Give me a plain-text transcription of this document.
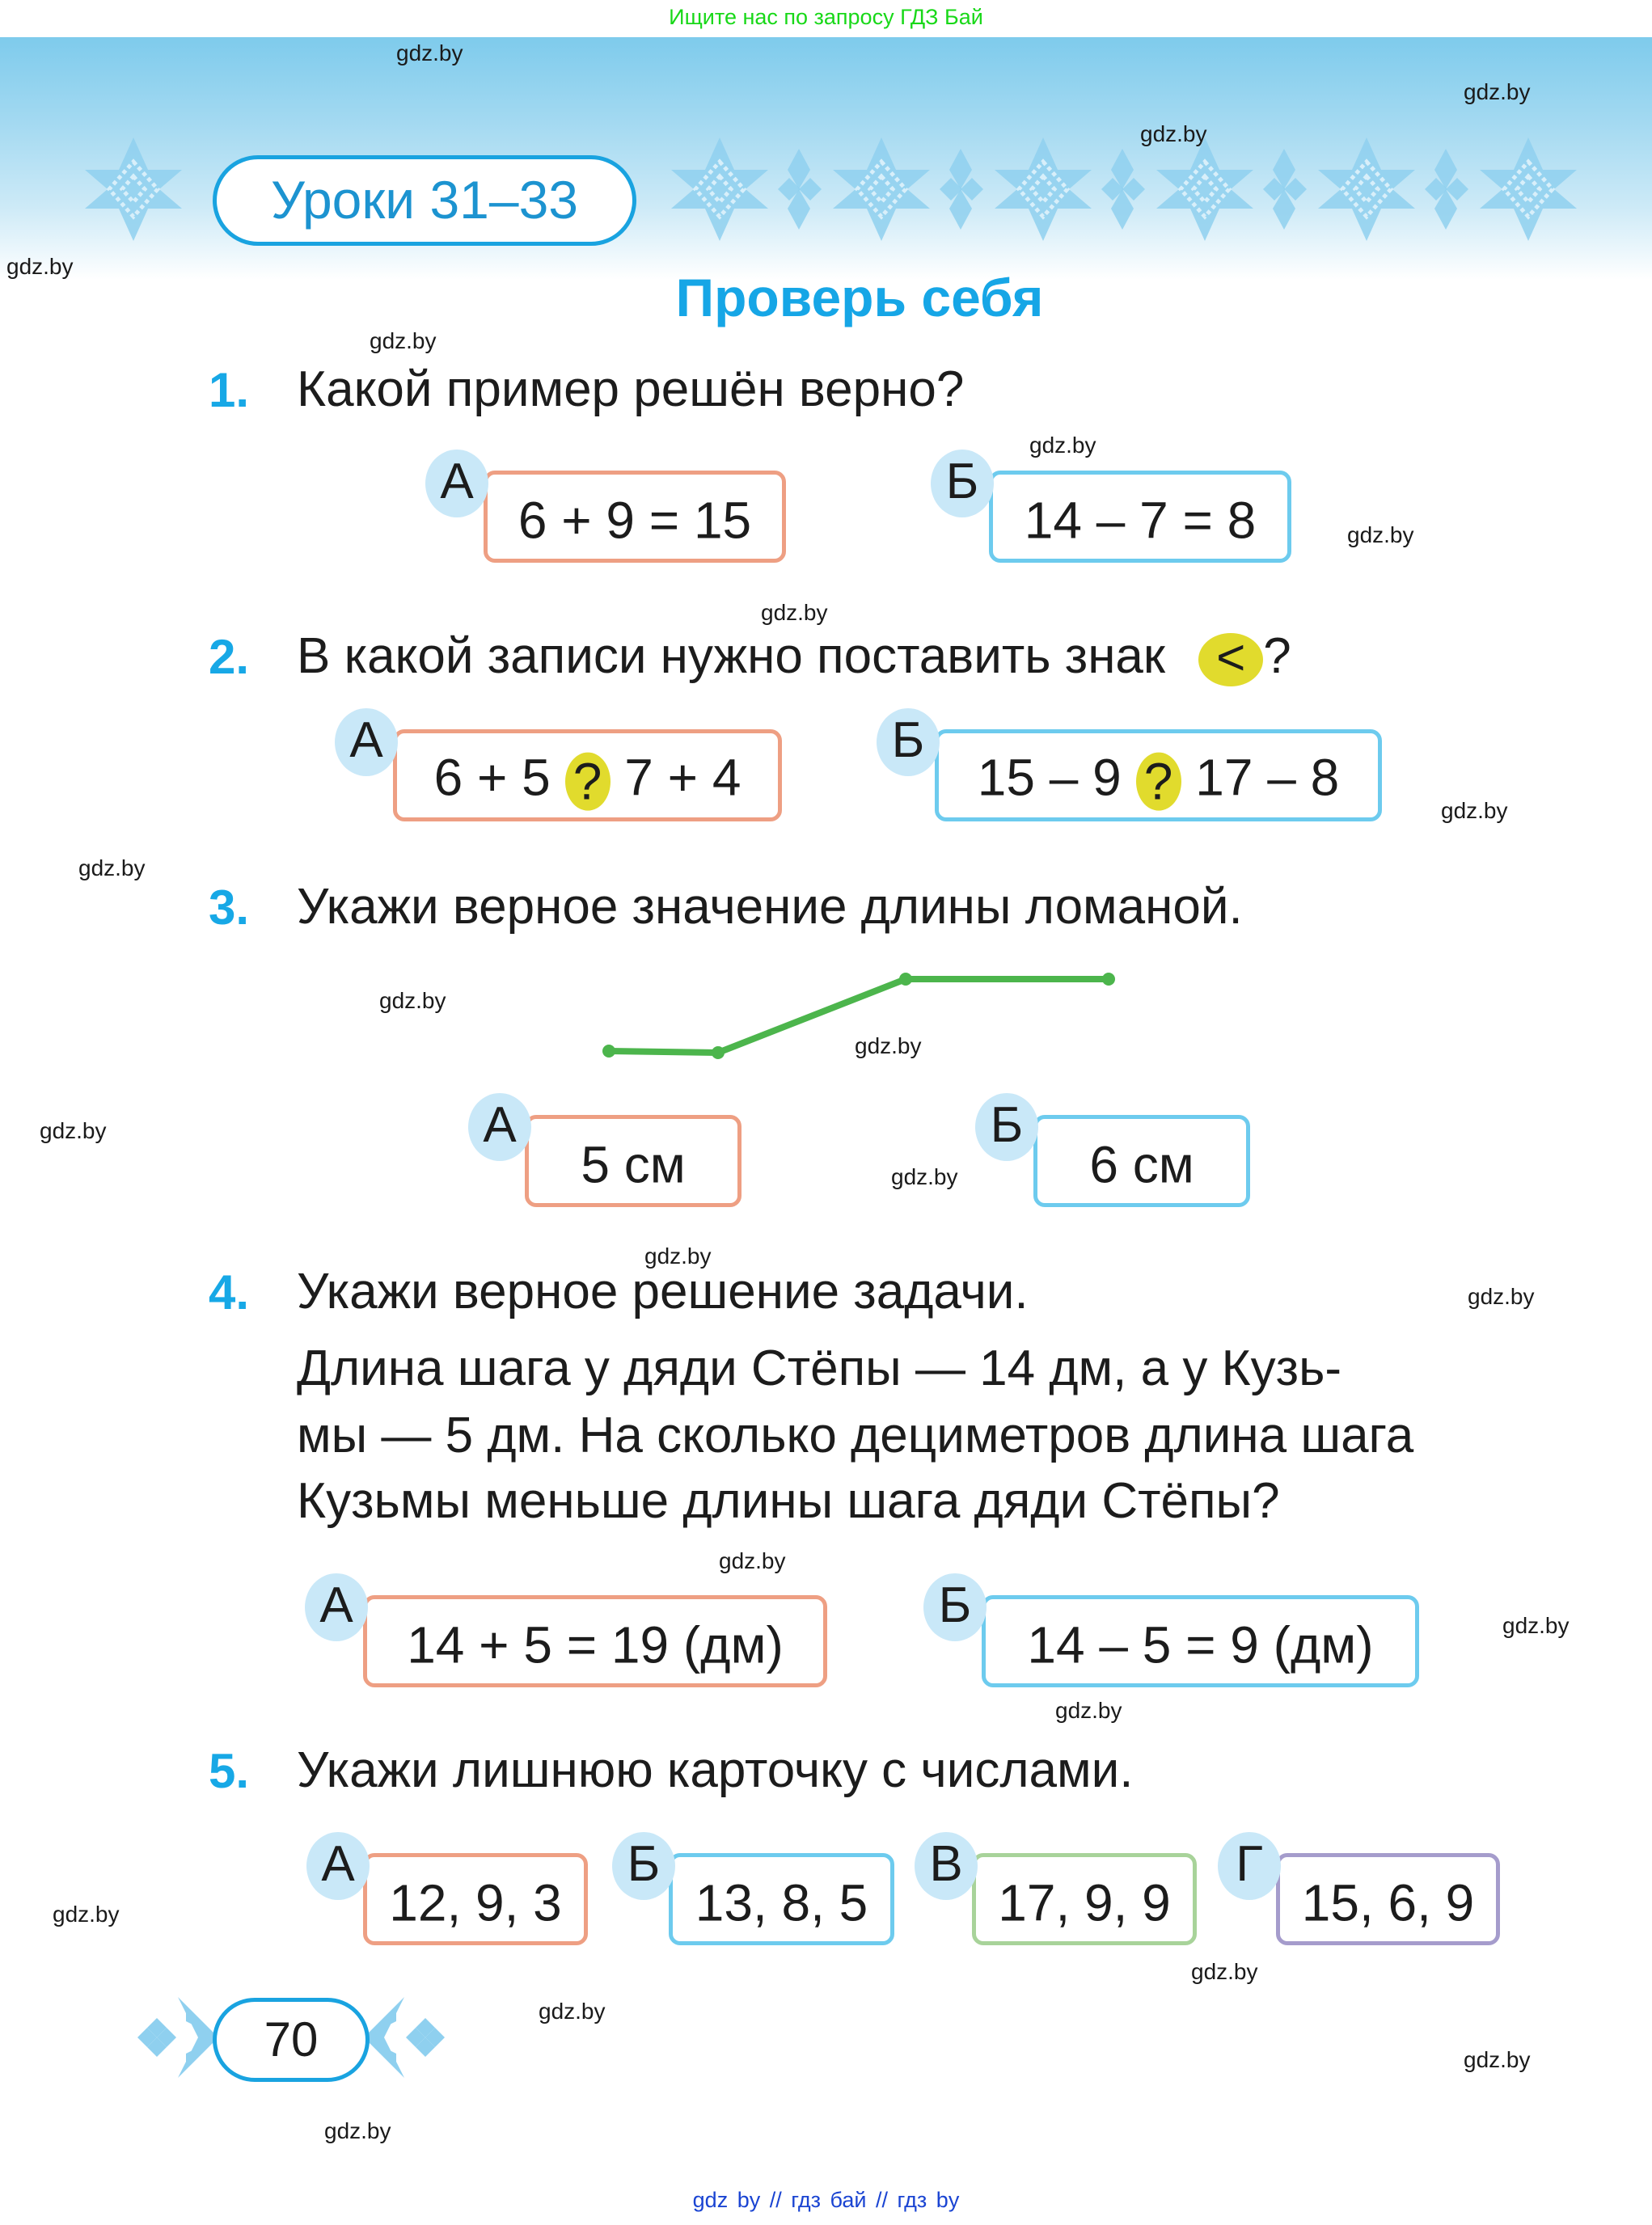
Ищите нас по запросу ГДЗ Бай
Уроки 31–33
Проверь себя
1. Какой пример решён верно?
6 + 9 = 15
А
14 – 7 = 8
Б
2. В какой записи нужно поставить знак < ?
6 + 5 ? 7 + 4
А
15 – 9 ? 17 – 8
Б
3. Укажи верное значение длины ломаной.
5 см
А
6 см
Б
4. Укажи верное решение задачи.
Длина шага у дяди Стёпы — 14 дм, а у Кузь-
мы — 5 дм. На сколько дециметров длина шага
Кузьмы меньше длины шага дяди Стёпы?
14 + 5 = 19 (дм)
А
14 – 5 = 9 (дм)
Б
5. Укажи лишнюю карточку с числами.
12, 9, 3
А
13, 8, 5
Б
17, 9, 9
В
15, 6, 9
Г
70
gdz.by
gdz.by
gdz.by
gdz.by
gdz.by
gdz.by
gdz.by
gdz.by
gdz.by
gdz.by
gdz.by
gdz.by
gdz.by
gdz.by
gdz.by
gdz.by
gdz.by
gdz.by
gdz.by
gdz.by
gdz.by
gdz.by
gdz.by
gdz.by
gdz by // гдз бай // гдз by
